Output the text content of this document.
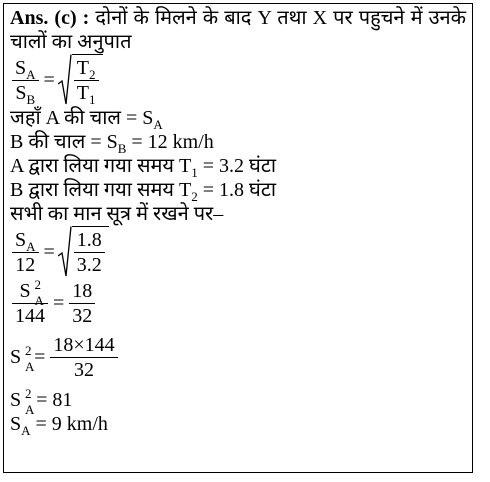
Ans. (c) : दोनों के मिलने के बाद Y तथा X पर पहुचने में उनके
चालों का अनुपात
$\frac{S_A}{S_B} = \frac{T_2}{T_1}$
जहाँ A की चाल = $S_A$
B की चाल = $S_B = 12$ km/h
A द्वारा लिया गया समय $T_1 = 3.2$ घंटा
B द्वारा लिया गया समय $T_2 = 1.8$ घंटा
सभी का मान सूत्र में रखने पर–
$\frac{S_A}{12} = \frac{1.8}{3.2}$
S 2
A
$144 = \frac{18}{32}$
S 2
$A = \frac{18\times 144}{32}$
S 2
A = 81
$S_A = 9$ km/h
